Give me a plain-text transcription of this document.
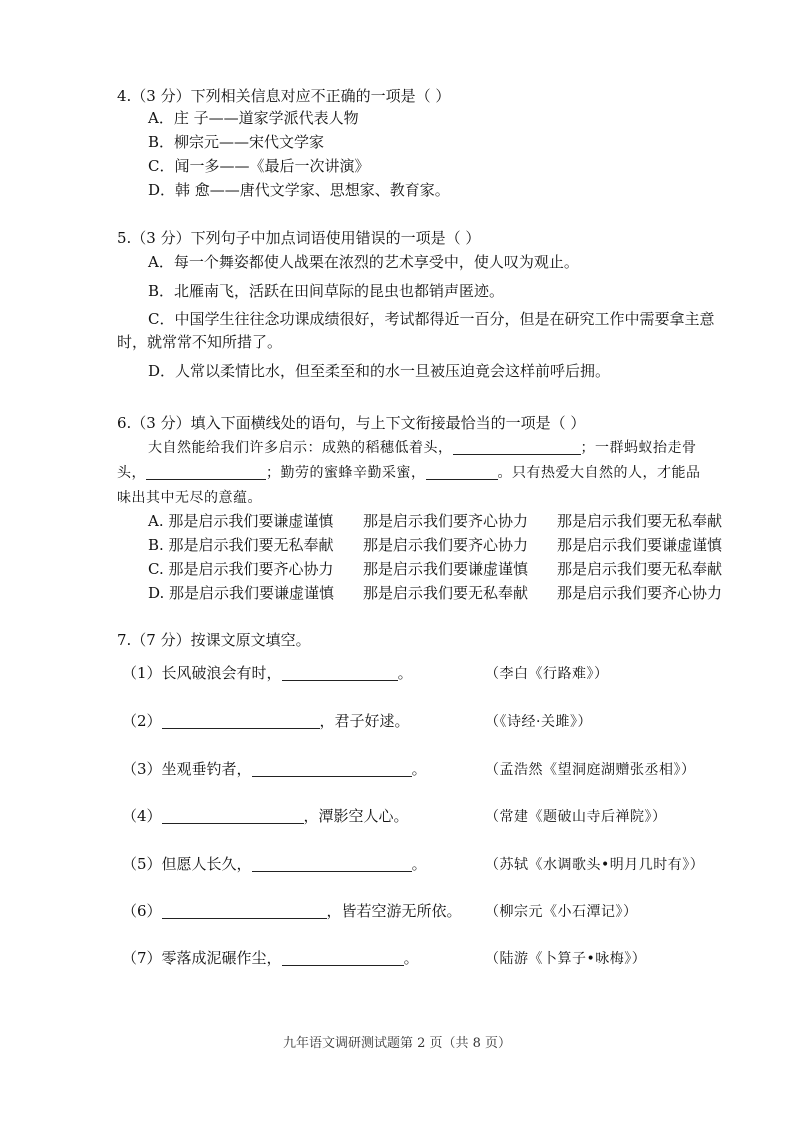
4.（3 分）下列相关信息对应不正确的一项是（ ）
A．庄 子——道家学派代表人物
B．柳宗元——宋代文学家
C．闻一多——《最后一次讲演》
D．韩 愈——唐代文学家、思想家、教育家。
5.（3 分）下列句子中加点词语使用错误的一项是（ ）
A．每一个舞姿都使人战栗在浓烈的艺术享受中，使人叹为观止。
B．北雁南飞，活跃在田间草际的昆虫也都销声匿迹。
C．中国学生往往念功课成绩很好，考试都得近一百分，但是在研究工作中需要拿主意
时，就常常不知所措了。
D．人常以柔情比水，但至柔至和的水一旦被压迫竟会这样前呼后拥。
6.（3 分）填入下面横线处的语句，与上下文衔接最恰当的一项是（ ）
大自然能给我们许多启示：成熟的稻穗低着头，	；一群蚂蚁抬走骨
头，	；勤劳的蜜蜂辛勤采蜜，	。只有热爱大自然的人，才能品
味出其中无尽的意蕴。
A. 那是启示我们要谦虚谨慎 那是启示我们要齐心协力 那是启示我们要无私奉献
B. 那是启示我们要无私奉献 那是启示我们要齐心协力 那是启示我们要谦虚谨慎
C. 那是启示我们要齐心协力 那是启示我们要谦虚谨慎 那是启示我们要无私奉献
D. 那是启示我们要谦虚谨慎 那是启示我们要无私奉献 那是启示我们要齐心协力
7.（7 分）按课文原文填空。
（1）长风破浪会有时，	。	（李白《行路难》）
（2）	，君子好逑。	（《诗经·关雎》）
（3）坐观垂钓者，	。	（孟浩然《望洞庭湖赠张丞相》）
（4）	，潭影空人心。	（常建《题破山寺后禅院》）
（5）但愿人长久，	。	（苏轼《水调歌头•明月几时有》）
（6）	，皆若空游无所依。 （柳宗元《小石潭记》）
（7）零落成泥碾作尘，	。	（陆游《卜算子•咏梅》）
九年语文调研测试题第 2 页（共 8 页）
